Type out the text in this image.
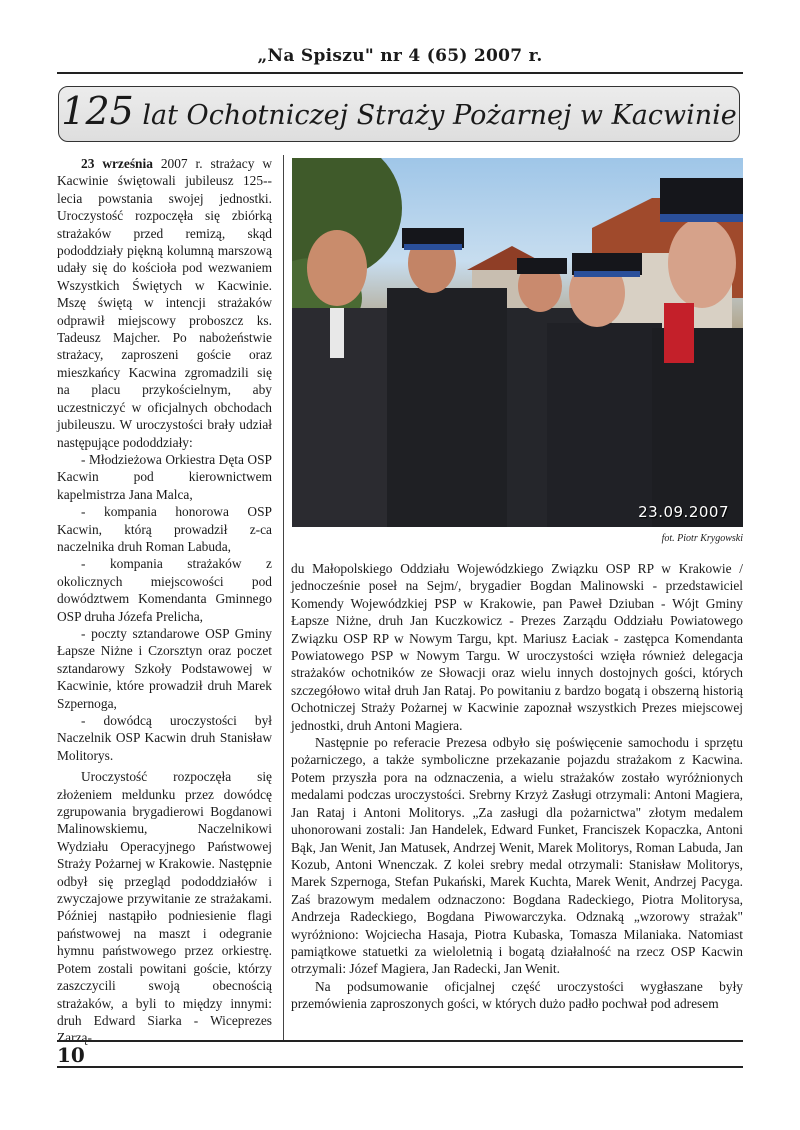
„Na Spiszu" nr 4 (65) 2007 r.
125 lat Ochotniczej Straży Pożarnej w Kacwinie

23 września 2007 r. strażacy w Kacwinie świętowali jubileusz 125--lecia powstania swojej jednostki. Uroczystość rozpoczęła się zbiórką strażaków przed remizą, skąd pododdziały piękną kolumną marszową udały się do kościoła pod wezwaniem Wszystkich Świętych w Kacwinie. Mszę świętą w intencji strażaków odprawił miejscowy proboszcz ks. Tadeusz Majcher. Po nabożeństwie strażacy, zaproszeni goście oraz mieszkańcy Kacwina zgromadzili się na placu przykościelnym, aby uczestniczyć w oficjalnych obchodach jubileuszu. W uroczystości brały udział następujące pododdziały:

- Młodzieżowa Orkiestra Dęta OSP Kacwin pod kierownictwem kapelmistrza Jana Malca,

- kompania honorowa OSP Kacwin, którą prowadził z-ca naczelnika druh Roman Labuda,

- kompania strażaków z okolicznych miejscowości pod dowództwem Komendanta Gminnego OSP druha Józefa Prelicha,

- poczty sztandarowe OSP Gminy Łapsze Niżne i Czorsztyn oraz poczet sztandarowy Szkoły Podstawowej w Kacwinie, które prowadził druh Marek Szpernoga,

- dowódcą uroczystości był Naczelnik OSP Kacwin druh Stanisław Molitorys.

Uroczystość rozpoczęła się złożeniem meldunku przez dowódcę zgrupowania brygadierowi Bogdanowi Malinowskiemu, Naczelnikowi Wydziału Operacyjnego Państwowej Straży Pożarnej w Krakowie. Następnie odbył się przegląd pododdziałów i zwyczajowe przywitanie ze strażakami. Później nastąpiło podniesienie flagi państwowej na maszt i odegranie hymnu państwowego przez orkiestrę. Potem zostali powitani goście, którzy zaszczycili swoją obecnością strażaków, a byli to między innymi: druh Edward Siarka - Wiceprezes Zarzą-

23.09.2007
fot. Piotr Krygowski

du Małopolskiego Oddziału Wojewódzkiego Związku OSP RP w Krakowie / jednocześnie poseł na Sejm/, brygadier Bogdan Malinowski - przedstawiciel Komendy Wojewódzkiej PSP w Krakowie, pan Paweł Dziuban - Wójt Gminy Łapsze Niżne, druh Jan Kuczkowicz - Prezes Zarządu Oddziału Powiatowego Związku OSP RP w Nowym Targu, kpt. Mariusz Łaciak - zastępca Komendanta Powiatowego PSP w Nowym Targu. W uroczystości wzięła również delegacja strażaków ochotników ze Słowacji oraz wielu innych dostojnych gości, których szczegółowo witał druh Jan Rataj. Po powitaniu z bardzo bogatą i obszerną historią Ochotniczej Straży Pożarnej w Kacwinie zapoznał wszystkich Prezes miejscowej jednostki, druh Antoni Magiera.

Następnie po referacie Prezesa odbyło się poświęcenie samochodu i sprzętu pożarniczego, a także symboliczne przekazanie pojazdu strażakom z Kacwina. Potem przyszła pora na odznaczenia, a wielu strażaków zostało wyróżnionych medalami podczas uroczystości. Srebrny Krzyż Zasługi otrzymali: Antoni Magiera, Jan Rataj i Antoni Molitorys. „Za zasługi dla pożarnictwa" złotym medalem uhonorowani zostali: Jan Handelek, Edward Funket, Franciszek Kopaczka, Antoni Bąk, Jan Wenit, Jan Matusek, Andrzej Wenit, Marek Molitorys, Roman Labuda, Jan Kozub, Antoni Wnenczak. Z kolei srebry medal otrzymali: Stanisław Molitorys, Marek Szpernoga, Stefan Pukański, Marek Kuchta, Marek Wenit, Andrzej Pacyga. Zaś brazowym medalem odznaczono: Bogdana Radeckiego, Piotra Molitorysa, Andrzeja Radeckiego, Bogdana Piwowarczyka. Odznaką „wzorowy strażak" wyróżniono: Wojciecha Hasaja, Piotra Kubaska, Tomasza Milaniaka. Natomiast pamiątkowe statuetki za wieloletnią i bogatą działalność na rzecz OSP Kacwin otrzymali: Józef Magiera, Jan Radecki, Jan Wenit.

Na podsumowanie oficjalnej część uroczystości wygłaszane były przemówienia zaproszonych gości, w których dużo padło pochwał pod adresem

10
